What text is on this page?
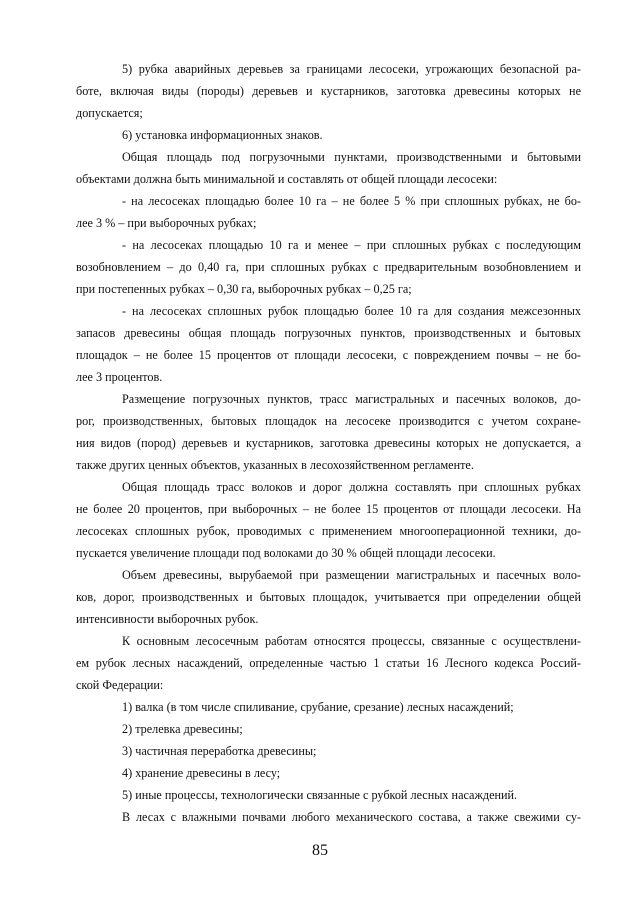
5) рубка аварийных деревьев за границами лесосеки, угрожающих безопасной ра-
боте, включая виды (породы) деревьев и кустарников, заготовка древесины которых не
допускается;
6) установка информационных знаков.
Общая площадь под погрузочными пунктами, производственными и бытовыми
объектами должна быть минимальной и составлять от общей площади лесосеки:
- на лесосеках площадью более 10 га – не более 5 % при сплошных рубках, не бо-
лее 3 % – при выборочных рубках;
- на лесосеках площадью 10 га и менее – при сплошных рубках с последующим
возобновлением – до 0,40 га, при сплошных рубках с предварительным возобновлением и
при постепенных рубках – 0,30 га, выборочных рубках – 0,25 га;
- на лесосеках сплошных рубок площадью более 10 га для создания межсезонных
запасов древесины общая площадь погрузочных пунктов, производственных и бытовых
площадок – не более 15 процентов от площади лесосеки, с повреждением почвы – не бо-
лее 3 процентов.
Размещение погрузочных пунктов, трасс магистральных и пасечных волоков, до-
рог, производственных, бытовых площадок на лесосеке производится с учетом сохране-
ния видов (пород) деревьев и кустарников, заготовка древесины которых не допускается, а
также других ценных объектов, указанных в лесохозяйственном регламенте.
Общая площадь трасс волоков и дорог должна составлять при сплошных рубках
не более 20 процентов, при выборочных – не более 15 процентов от площади лесосеки. На
лесосеках сплошных рубок, проводимых с применением многооперационной техники, до-
пускается увеличение площади под волоками до 30 % общей площади лесосеки.
Объем древесины, вырубаемой при размещении магистральных и пасечных воло-
ков, дорог, производственных и бытовых площадок, учитывается при определении общей
интенсивности выборочных рубок.
К основным лесосечным работам относятся процессы, связанные с осуществлени-
ем рубок лесных насаждений, определенные частью 1 статьи 16 Лесного кодекса Россий-
ской Федерации:
1) валка (в том числе спиливание, срубание, срезание) лесных насаждений;
2) трелевка древесины;
3) частичная переработка древесины;
4) хранение древесины в лесу;
5) иные процессы, технологически связанные с рубкой лесных насаждений.
В лесах с влажными почвами любого механического состава, а также свежими су-
85
